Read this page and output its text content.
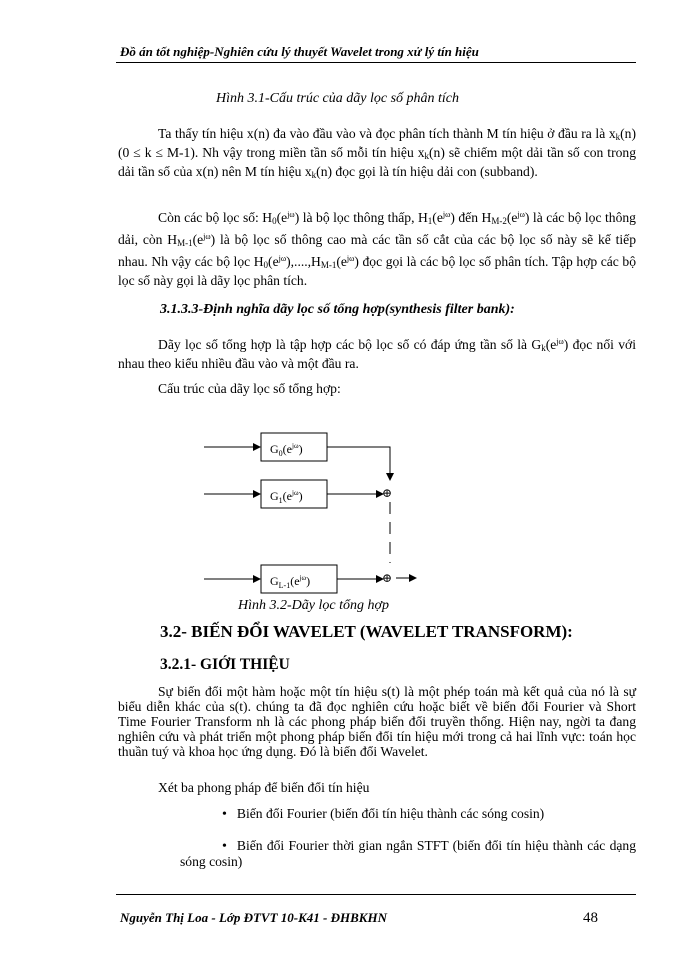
Đồ án tốt nghiệp-Nghiên cứu lý thuyết Wavelet trong xử lý tín hiệu
Hình 3.1-Cấu trúc của dãy lọc số phân tích
Ta thấy tín hiệu x(n) đa vào đầu vào và đọc phân tích thành M tín hiệu ở đầu ra là $x_k(n) (0 \le k \le M-1)$. Nh vậy trong miền tần số mỗi tín hiệu $x_k(n)$ sẽ chiếm một dải tần số con trong dải tần số của x(n) nên M tín hiệu $x_k(n)$ đọc gọi là tín hiệu dải con (subband).
Còn các bộ lọc số: $H_0(e^{j\omega})$ là bộ lọc thông thấp, $H_1(e^{j\omega})$ đến $H_{M-2}(e^{j\omega})$ là các bộ lọc thông dải, còn $H_{M-1}(e^{j\omega})$ là bộ lọc số thông cao mà các tần số cắt của các bộ lọc số này sẽ kế tiếp nhau. Nh vậy các bộ lọc $H_0(e^{j\omega}),....,H_{M-1}(e^{j\omega})$ đọc gọi là các bộ lọc số phân tích. Tập hợp các bộ lọc số này gọi là dãy lọc phân tích.
3.1.3.3-Định nghĩa dãy lọc số tổng hợp(synthesis filter bank):
Dãy lọc số tổng hợp là tập hợp các bộ lọc số có đáp ứng tần số là $G_k(e^{j\omega})$ đọc nối với nhau theo kiểu nhiều đầu vào và một đầu ra.
Cấu trúc của dãy lọc số tổng hợp:
$G_0(e^{j\omega})$
$G_1(e^{j\omega})$	⊕
$G_{L-1}(e^{j\omega})$	⊕
Hình 3.2-Dãy lọc tổng hợp
3.2- BIẾN ĐỔI WAVELET (WAVELET TRANSFORM):
3.2.1- GIỚI THIỆU
Sự biến đổi một hàm hoặc một tín hiệu s(t) là một phép toán mà kết quả của nó là sự biểu diễn khác của s(t). chúng ta đã đọc nghiên cứu hoặc biết về biến đổi Fourier và Short Time Fourier Transform nh là các phong pháp biến đổi truyền thống. Hiện nay, ngời ta đang nghiên cứu và phát triển một phong pháp biến đổi tín hiệu mới trong cả hai lĩnh vực: toán học thuần tuý và khoa học ứng dụng. Đó là biến đổi Wavelet.
Xét ba phong pháp để biến đổi tín hiệu
• Biến đổi Fourier (biến đổi tín hiệu thành các sóng cosin)
• Biến đổi Fourier thời gian ngắn STFT (biến đổi tín hiệu thành các dạng sóng cosin)
Nguyễn Thị Loa - Lớp ĐTVT 10-K41 - ĐHBKHN	48
